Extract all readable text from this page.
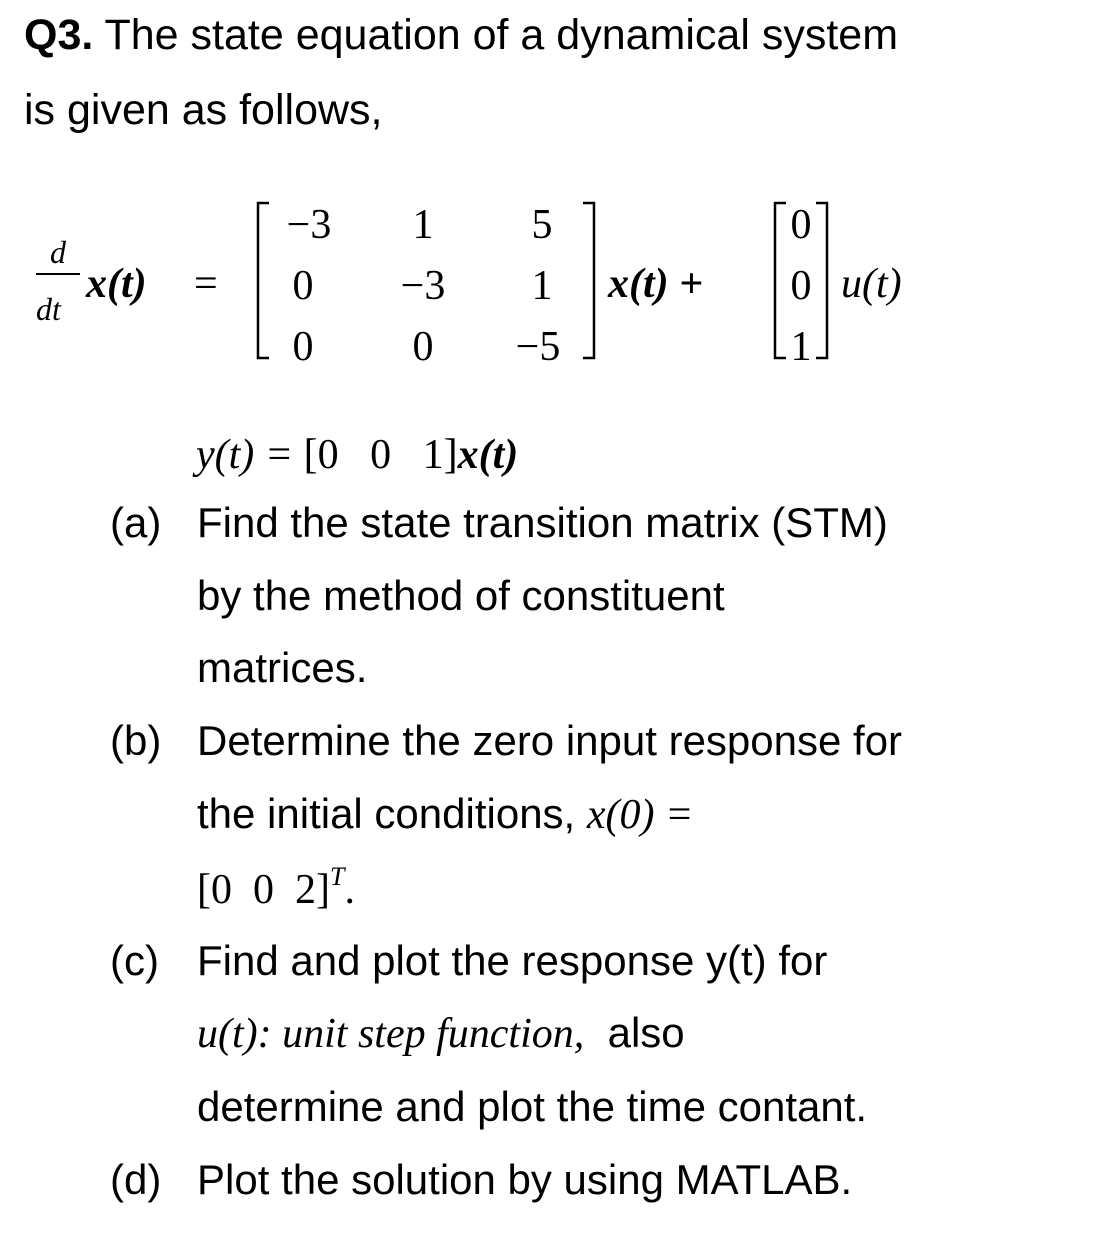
Q3. The state equation of a dynamical system
is given as follows,
d
dt
x(t) =
−3	1	5
0	−3	1
0	0	−5
x(t) +
0
0
1
u(t)
y(t) = [0   0   1]x(t)
(a) Find the state transition matrix (STM)
by the method of constituent
matrices.
(b) Determine the zero input response for
the initial conditions, x(0) =
[0  0  2]$^T$.
(c) Find and plot the response y(t) for
u(t): unit step function,  also
determine and plot the time contant.
(d) Plot the solution by using MATLAB.
